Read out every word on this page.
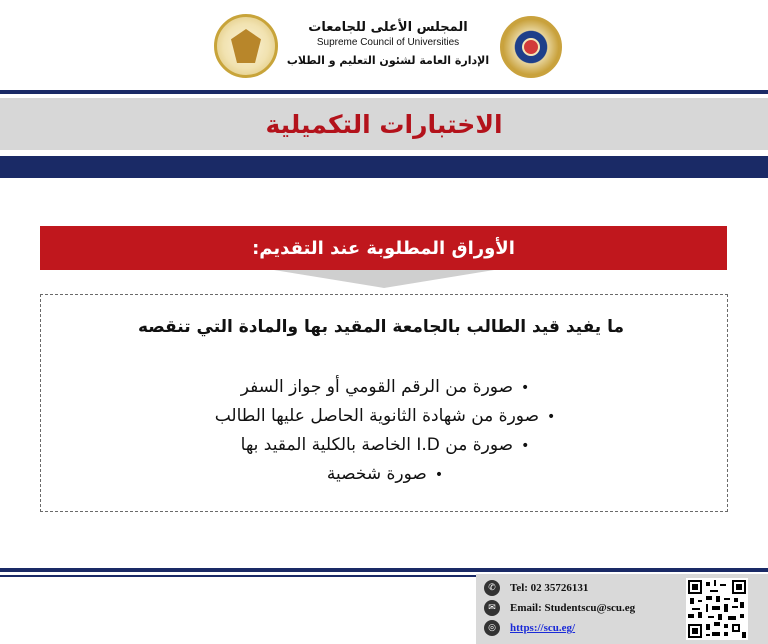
المجلس الأعلى للجامعات
Supreme Council of Universities
الإدارة العامة لشئون التعليم و الطلاب
الاختبارات التكميلية
الأوراق المطلوبة عند التقديم:
ما يفيد قيد الطالب بالجامعة المقيد بها والمادة التي تنقصه
•صورة من الرقم القومي أو جواز السفر
•صورة من شهادة الثانوية الحاصل عليها الطالب
•صورة من I.D الخاصة بالكلية المقيد بها
•صورة شخصية
✆	Tel: 02 35726131
✉	Email: Studentscu@scu.eg
◎	https://scu.eg/
